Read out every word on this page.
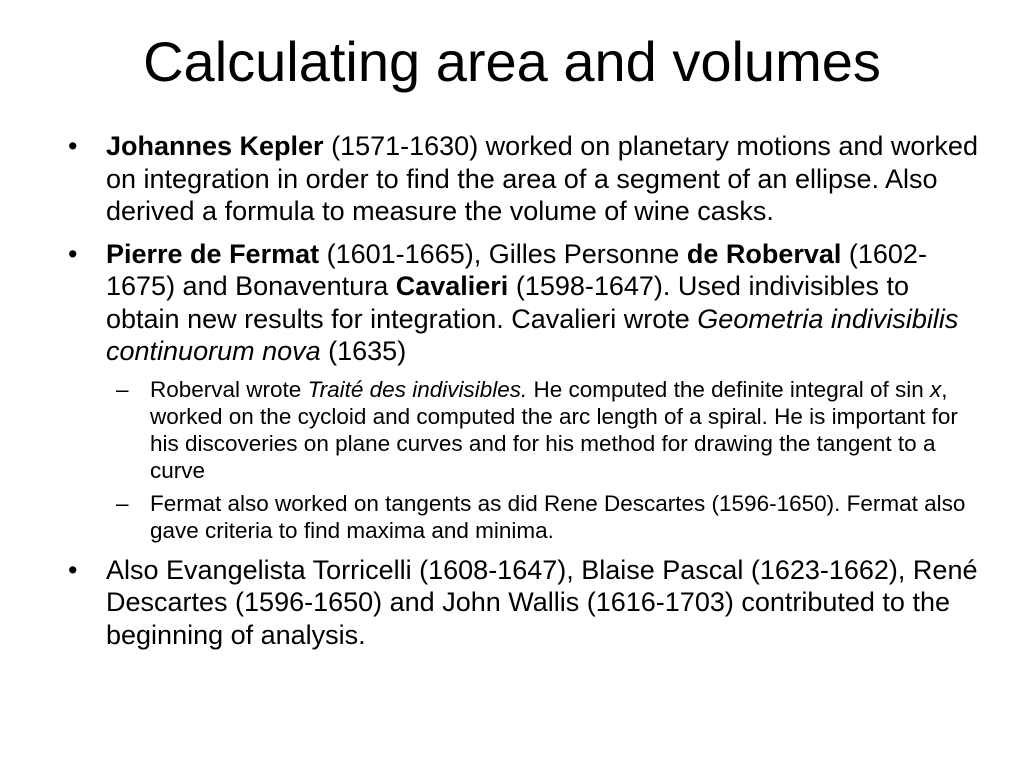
Calculating area and volumes
• Johannes Kepler (1571-1630) worked on planetary motions and worked on integration in order to find the area of a segment of an ellipse. Also derived a formula to measure the volume of wine casks.
• Pierre de Fermat (1601-1665), Gilles Personne de Roberval (1602-1675) and Bonaventura Cavalieri (1598-1647). Used indivisibles to obtain new results for integration. Cavalieri wrote Geometria indivisibilis continuorum nova (1635)
– Roberval wrote Traité des indivisibles. He computed the definite integral of sin x, worked on the cycloid and computed the arc length of a spiral. He is important for his discoveries on plane curves and for his method for drawing the tangent to a curve
– Fermat also worked on tangents as did Rene Descartes (1596-1650). Fermat also gave criteria to find maxima and minima.
• Also Evangelista Torricelli (1608-1647), Blaise Pascal (1623-1662), René Descartes (1596-1650) and John Wallis (1616-1703) contributed to the beginning of analysis.
